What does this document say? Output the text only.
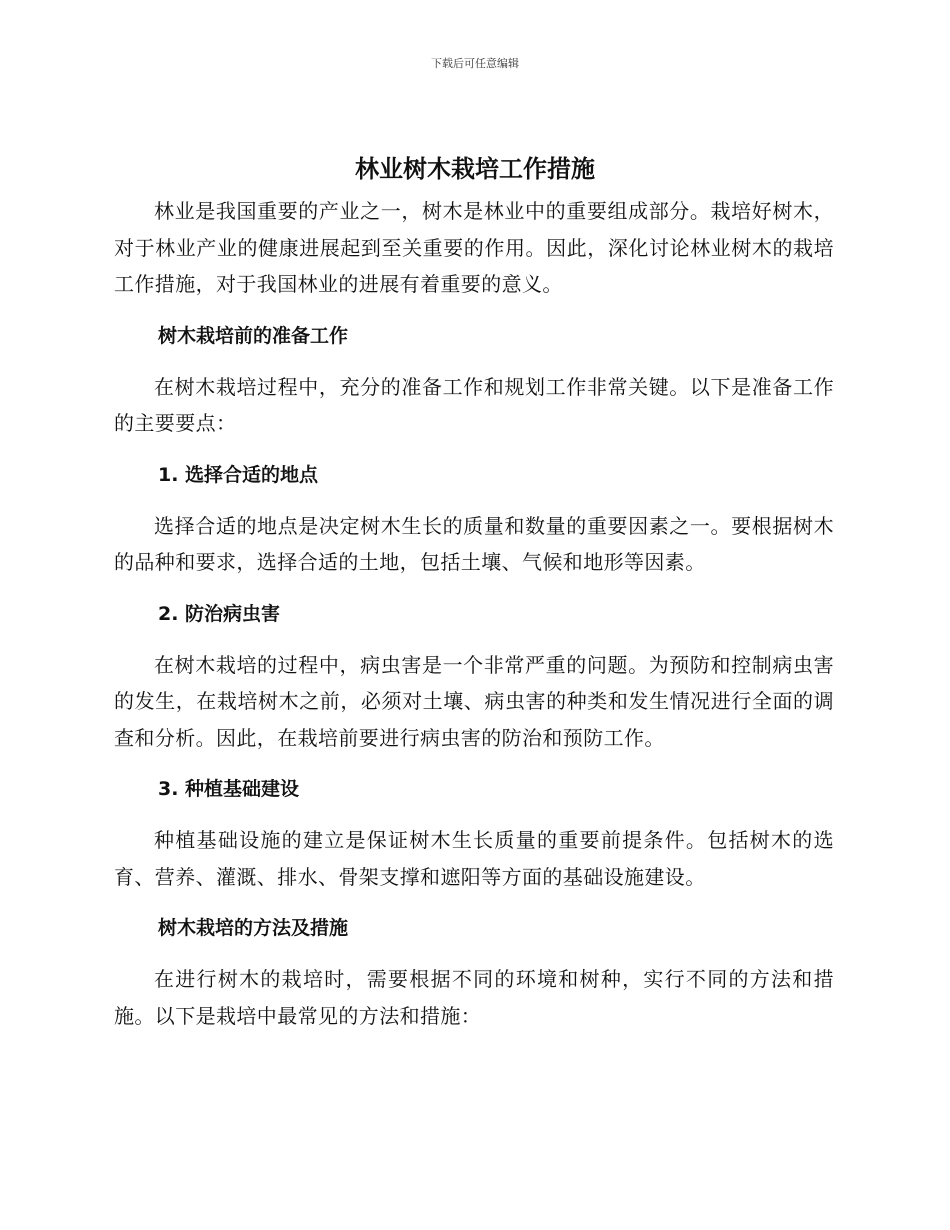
下载后可任意编辑
林业树木栽培工作措施

林业是我国重要的产业之一，树木是林业中的重要组成部分。栽培好树木，对于林业产业的健康进展起到至关重要的作用。因此，深化讨论林业树木的栽培工作措施，对于我国林业的进展有着重要的意义。

树木栽培前的准备工作

在树木栽培过程中，充分的准备工作和规划工作非常关键。以下是准备工作的主要要点：

1. 选择合适的地点

选择合适的地点是决定树木生长的质量和数量的重要因素之一。要根据树木的品种和要求，选择合适的土地，包括土壤、气候和地形等因素。

2. 防治病虫害

在树木栽培的过程中，病虫害是一个非常严重的问题。为预防和控制病虫害的发生，在栽培树木之前，必须对土壤、病虫害的种类和发生情况进行全面的调查和分析。因此，在栽培前要进行病虫害的防治和预防工作。

3. 种植基础建设

种植基础设施的建立是保证树木生长质量的重要前提条件。包括树木的选育、营养、灌溉、排水、骨架支撑和遮阳等方面的基础设施建设。

树木栽培的方法及措施

在进行树木的栽培时，需要根据不同的环境和树种，实行不同的方法和措施。以下是栽培中最常见的方法和措施：
